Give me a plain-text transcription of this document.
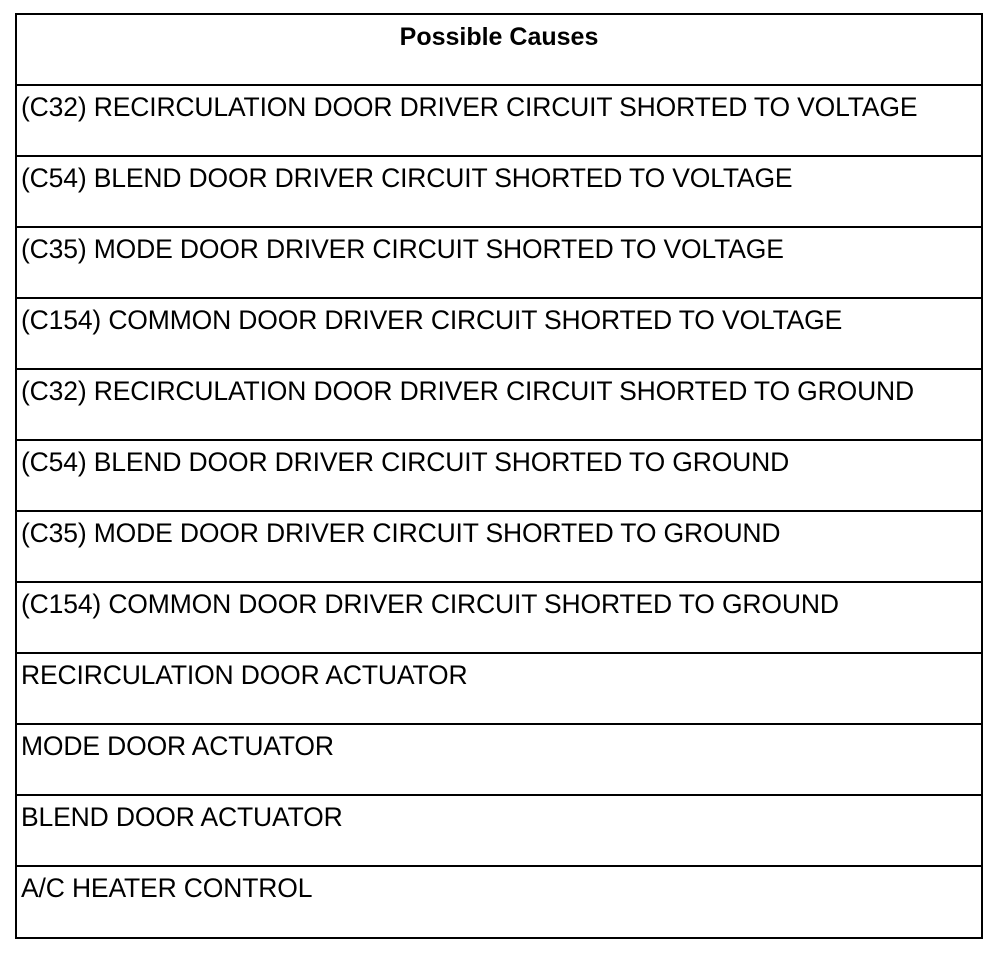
Possible Causes
(C32) RECIRCULATION DOOR DRIVER CIRCUIT SHORTED TO VOLTAGE
(C54) BLEND DOOR DRIVER CIRCUIT SHORTED TO VOLTAGE
(C35) MODE DOOR DRIVER CIRCUIT SHORTED TO VOLTAGE
(C154) COMMON DOOR DRIVER CIRCUIT SHORTED TO VOLTAGE
(C32) RECIRCULATION DOOR DRIVER CIRCUIT SHORTED TO GROUND
(C54) BLEND DOOR DRIVER CIRCUIT SHORTED TO GROUND
(C35) MODE DOOR DRIVER CIRCUIT SHORTED TO GROUND
(C154) COMMON DOOR DRIVER CIRCUIT SHORTED TO GROUND
RECIRCULATION DOOR ACTUATOR
MODE DOOR ACTUATOR
BLEND DOOR ACTUATOR
A/C HEATER CONTROL
